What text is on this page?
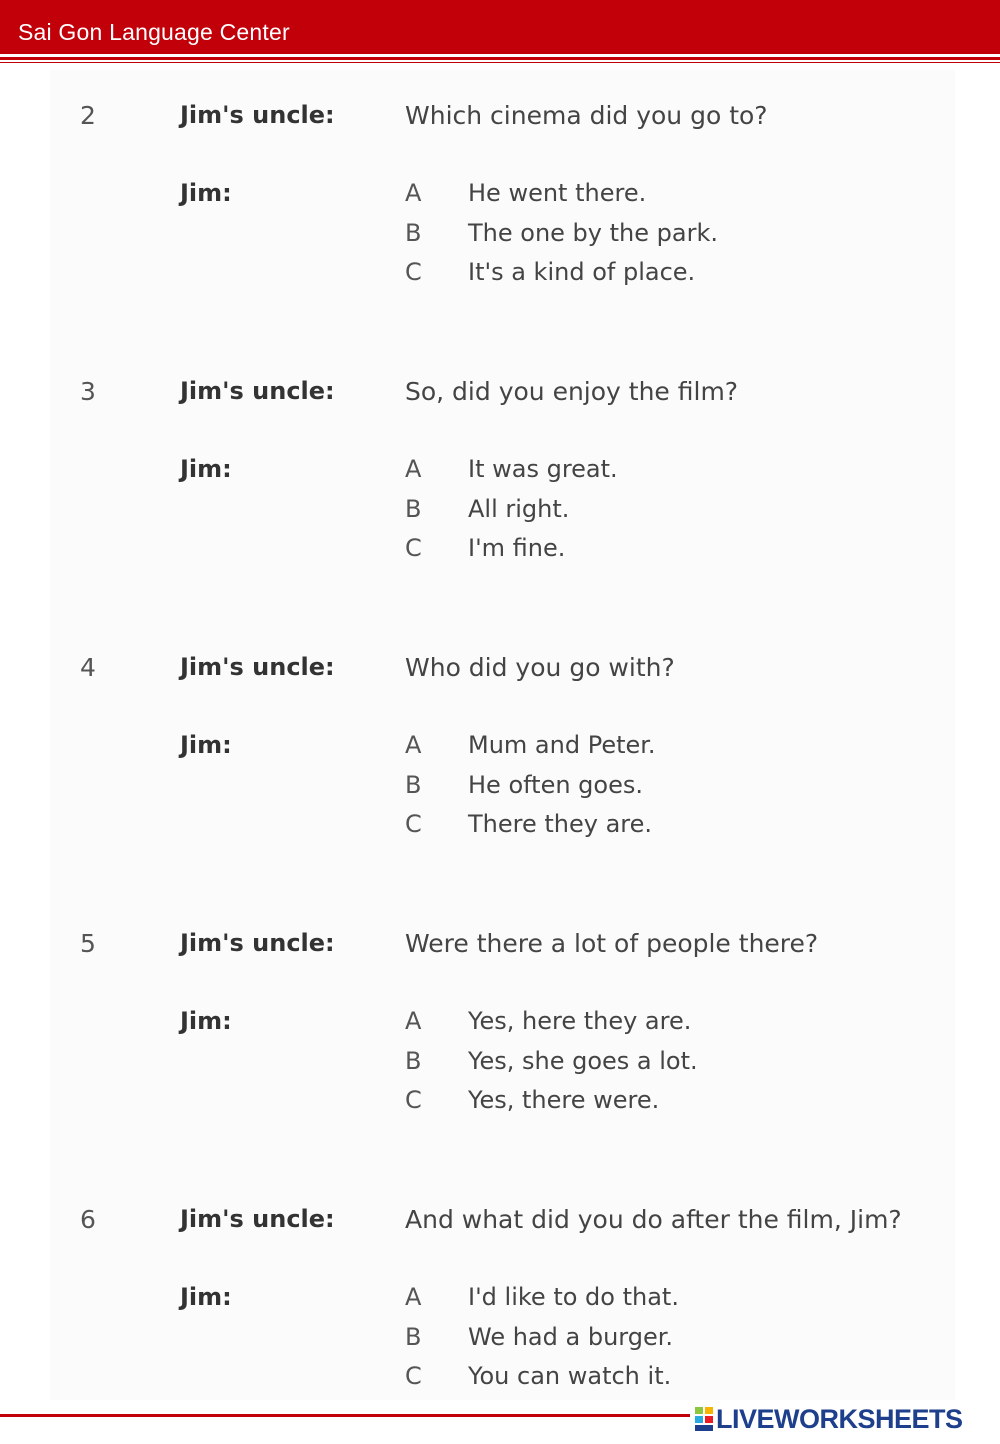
Sai Gon Language Center
2	Jim's uncle:	Which cinema did you go to?
Jim:	A He went there.
B The one by the park.
C It's a kind of place.
3	Jim's uncle:	So, did you enjoy the film?
Jim:	A It was great.
B All right.
C I'm fine.
4	Jim's uncle:	Who did you go with?
Jim:	A Mum and Peter.
B He often goes.
C There they are.
5	Jim's uncle:	Were there a lot of people there?
Jim:	A Yes, here they are.
B Yes, she goes a lot.
C Yes, there were.
6	Jim's uncle:	And what did you do after the film, Jim?
Jim:	A I'd like to do that.
B We had a burger.
C You can watch it.
LIVEWORKSHEETS
